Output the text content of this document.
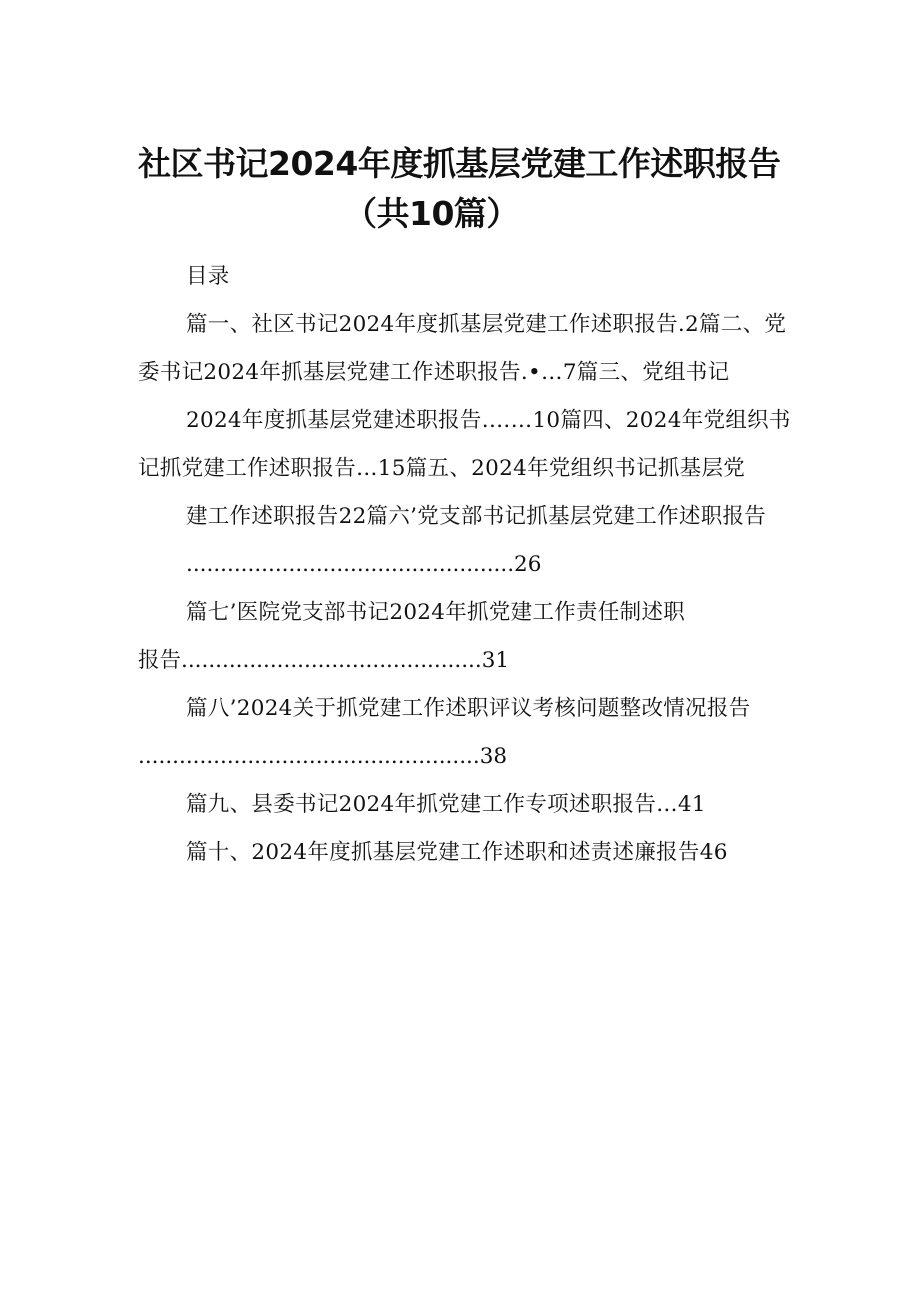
社区书记2024年度抓基层党建工作述职报告
（共10篇）
目录
篇一、社区书记2024年度抓基层党建工作述职报告.2篇二、党
委书记2024年抓基层党建工作述职报告.•…7篇三、党组书记
2024年度抓基层党建述职报告.……10篇四、2024年党组织书
记抓党建工作述职报告…15篇五、2024年党组织书记抓基层党
建工作述职报告22篇六’党支部书记抓基层党建工作述职报告
................................................26
篇七’医院党支部书记2024年抓党建工作责任制述职
报告............................................31
篇八’2024关于抓党建工作述职评议考核问题整改情况报告
..................................................38
篇九、县委书记2024年抓党建工作专项述职报告…41
篇十、2024年度抓基层党建工作述职和述责述廉报告46
